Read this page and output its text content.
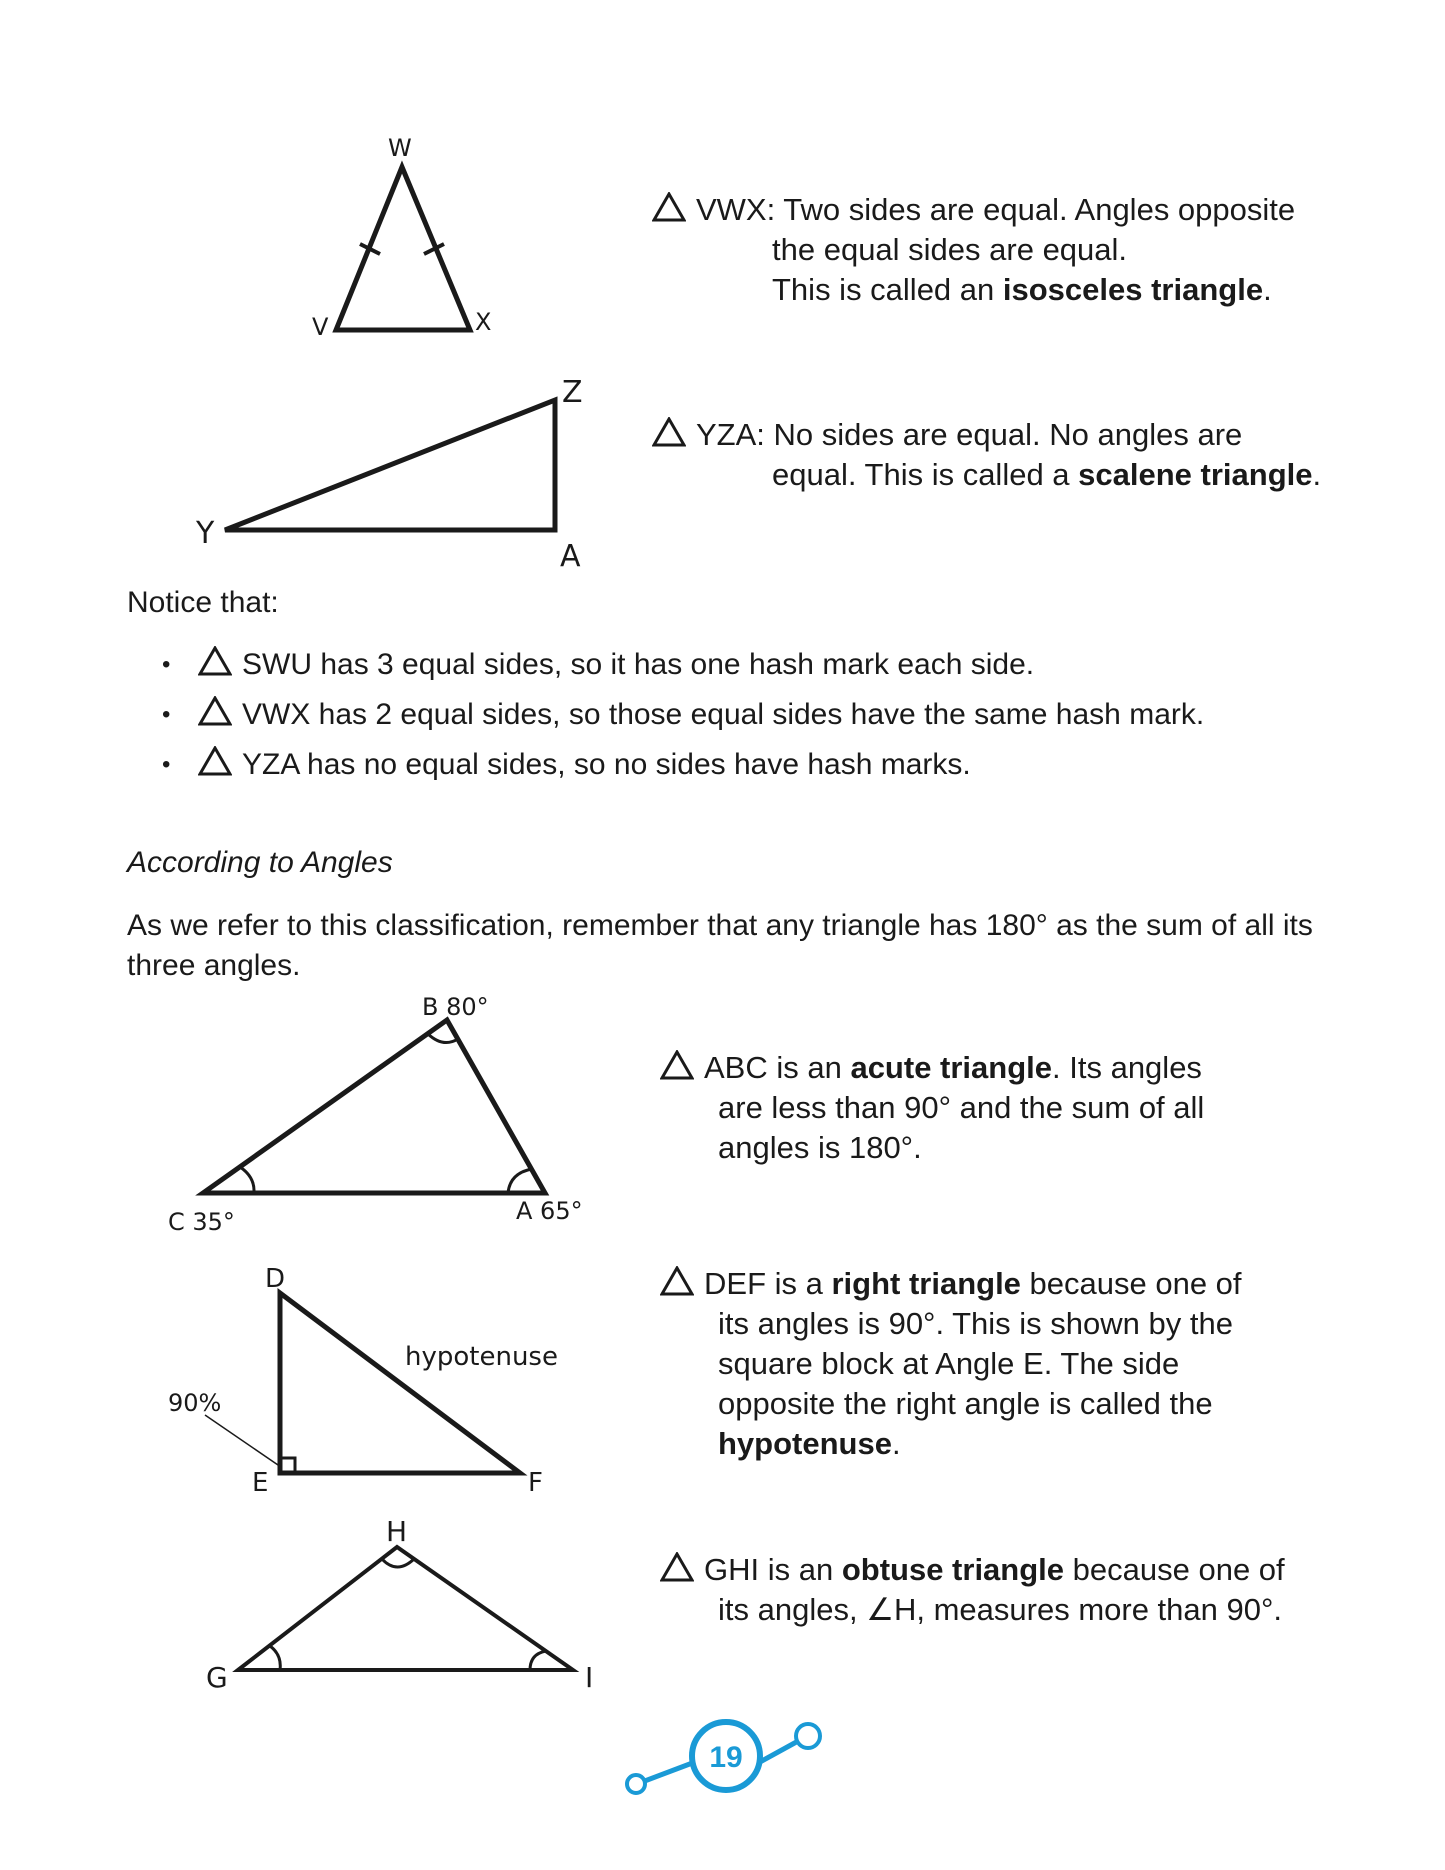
W
V	X
Z
Y
A
VWX: Two sides are equal. Angles opposite
the equal sides are equal.
This is called an isosceles triangle.
YZA: No sides are equal. No angles are
equal. This is called a scalene triangle.
Notice that:
• SWU has 3 equal sides, so it has one hash mark each side.
• VWX has 2 equal sides, so those equal sides have the same hash mark.
• YZA has no equal sides, so no sides have hash marks.
According to Angles
As we refer to this classification, remember that any triangle has 180° as the sum of all its three angles.
B 80°
C 35°	A 65°
ABC is an acute triangle. Its angles
are less than 90° and the sum of all
angles is 180°.
D
E	F
hypotenuse
90%
DEF is a right triangle because one of
its angles is 90°. This is shown by the
square block at Angle E. The side
opposite the right angle is called the
hypotenuse.
H
G	I
GHI is an obtuse triangle because one of
its angles, ∠H, measures more than 90°.
19
